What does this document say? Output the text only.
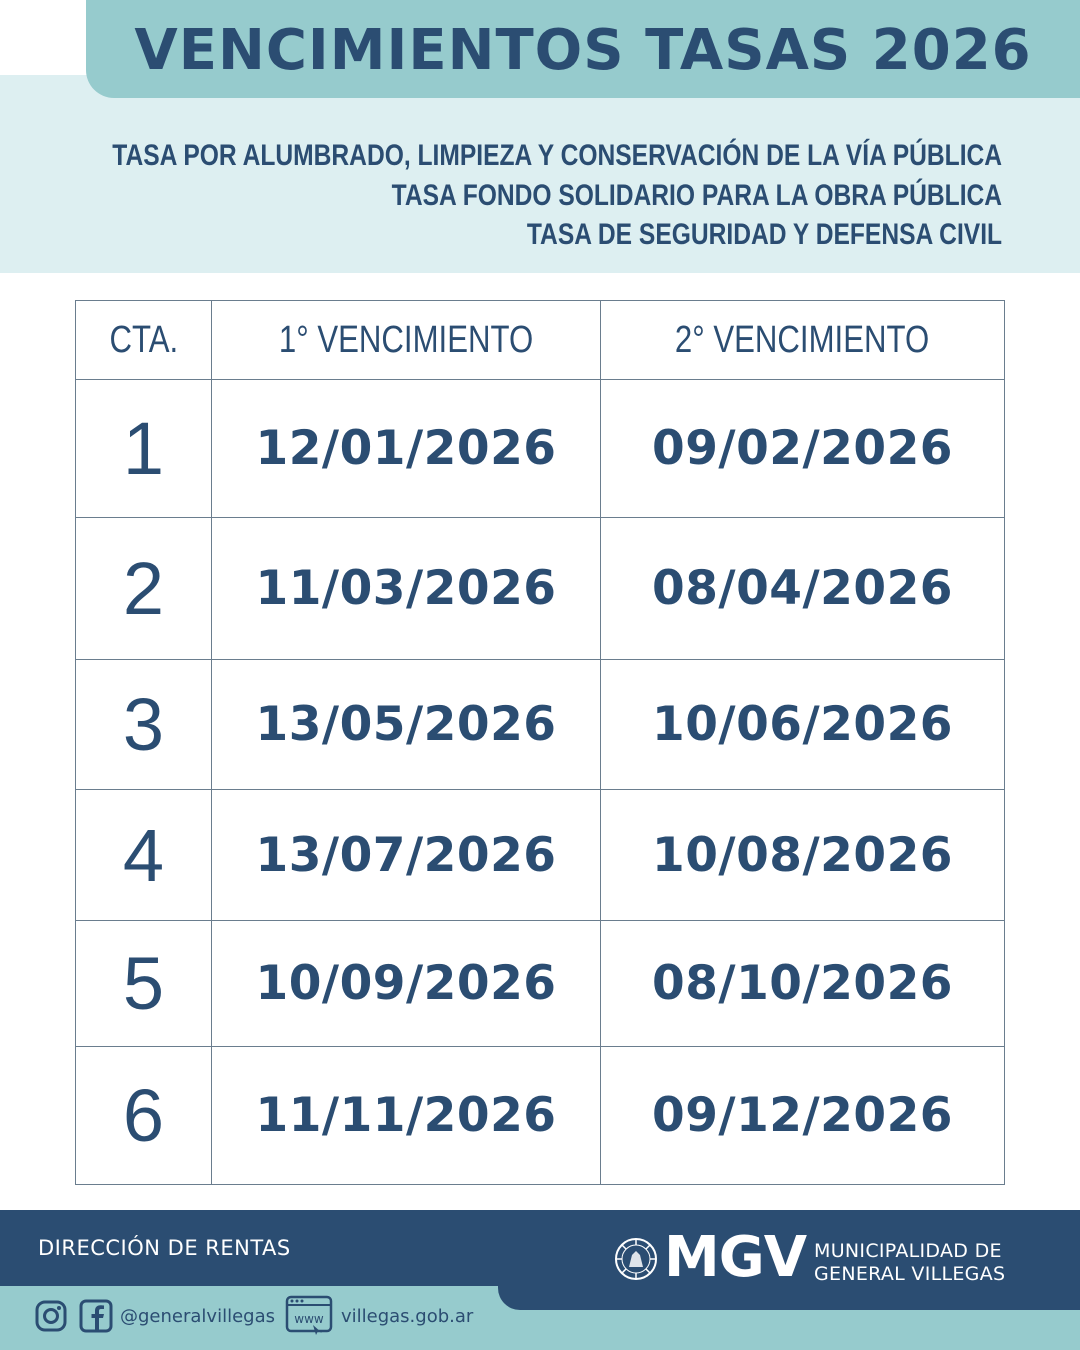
VENCIMIENTOS TASAS 2026
TASA POR ALUMBRADO, LIMPIEZA Y CONSERVACIÓN DE LA VÍA PÚBLICA
TASA FONDO SOLIDARIO PARA LA OBRA PÚBLICA
TASA DE SEGURIDAD Y DEFENSA CIVIL
CTA.	1° VENCIMIENTO	2° VENCIMIENTO
1 12/01/2026 09/02/2026
2 11/03/2026 08/04/2026
3 13/05/2026 10/06/2026
4 13/07/2026 10/08/2026
5 10/09/2026 08/10/2026
6 11/11/2026 09/12/2026
DIRECCIÓN DE RENTAS	MGV MUNICIPALIDAD DE
GENERAL VILLEGAS
@generalvillegas www villegas.gob.ar
